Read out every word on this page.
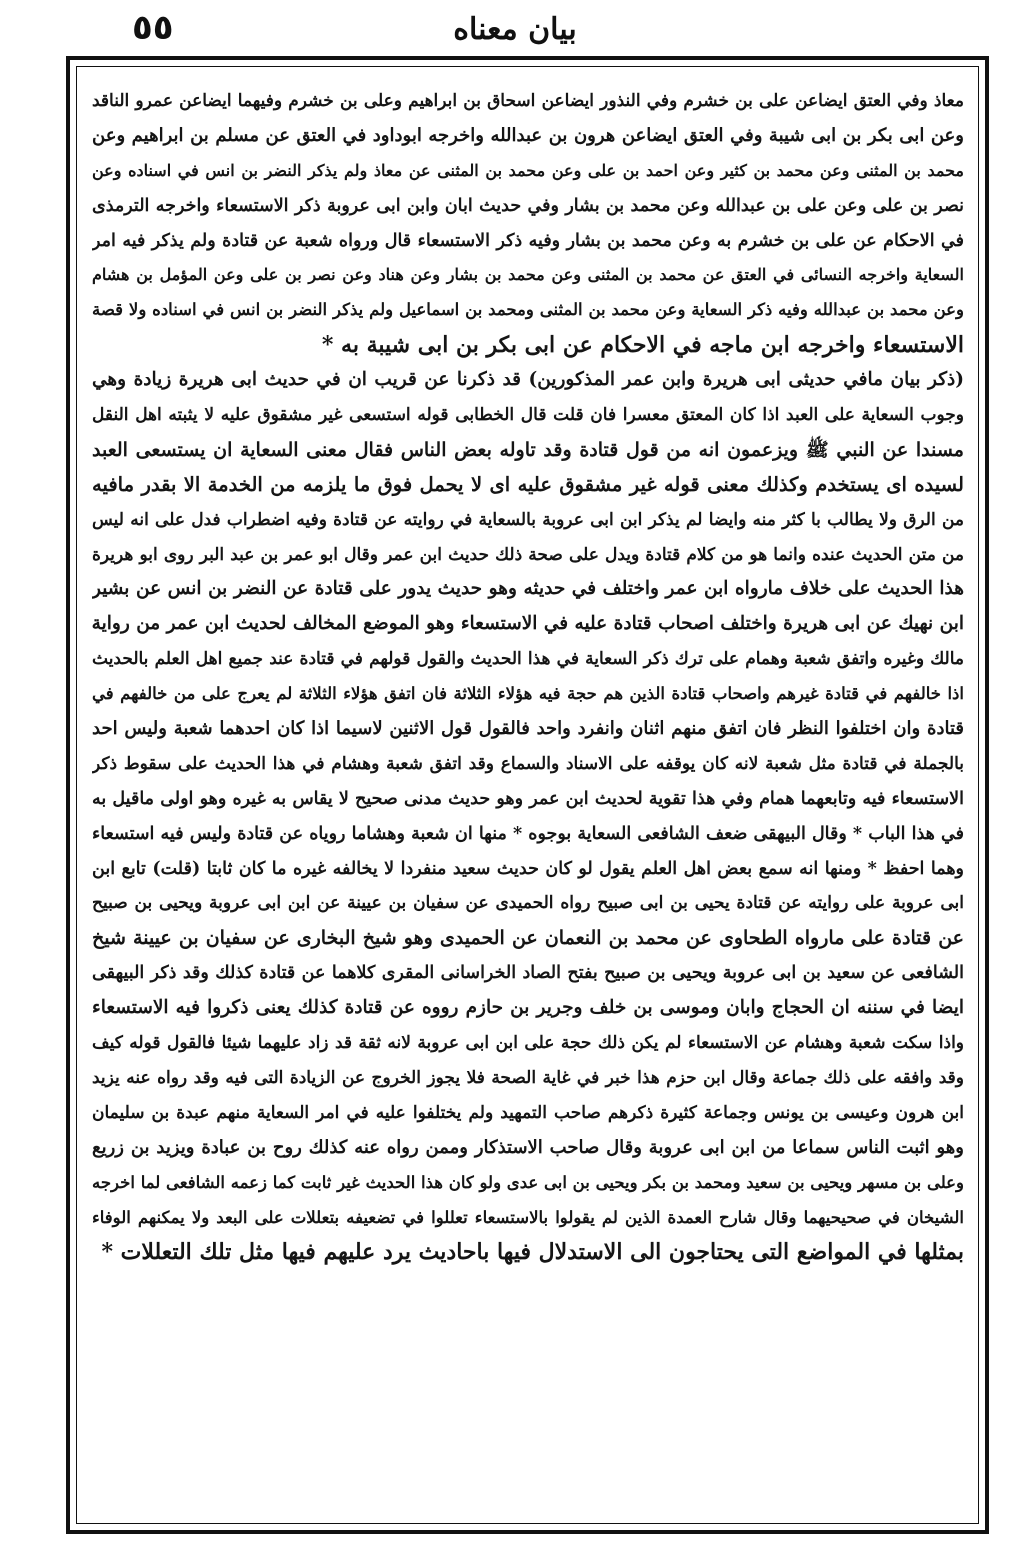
٥٥	بيان معناه
معاذ وفي العتق ايضاعن على بن خشرم وفي النذور ايضاعن اسحاق بن ابراهيم وعلى بن خشرم وفيهما ايضاعن عمرو الناقد
وعن ابى بكر بن ابى شيبة وفي العتق ايضاعن هرون بن عبدالله واخرجه ابوداود في العتق عن مسلم بن ابراهيم وعن
محمد بن المثنى وعن محمد بن كثير وعن احمد بن على وعن محمد بن المثنى عن معاذ ولم يذكر النضر بن انس في اسناده وعن
نصر بن على وعن على بن عبدالله وعن محمد بن بشار وفي حديث ابان وابن ابى عروبة ذكر الاستسعاء واخرجه الترمذى
في الاحكام عن على بن خشرم به وعن محمد بن بشار وفيه ذكر الاستسعاء قال ورواه شعبة عن قتادة ولم يذكر فيه امر
السعاية واخرجه النسائى في العتق عن محمد بن المثنى وعن محمد بن بشار وعن هناد وعن نصر بن على وعن المؤمل بن هشام
وعن محمد بن عبدالله وفيه ذكر السعاية وعن محمد بن المثنى ومحمد بن اسماعيل ولم يذكر النضر بن انس في اسناده ولا قصة
الاستسعاء واخرجه ابن ماجه في الاحكام عن ابى بكر بن ابى شيبة به *
(ذكر بيان مافي حديثى ابى هريرة وابن عمر المذكورين) قد ذكرنا عن قريب ان في حديث ابى هريرة زيادة وهي
وجوب السعاية على العبد اذا كان المعتق معسرا فان قلت قال الخطابى قوله استسعى غير مشقوق عليه لا يثبته اهل النقل
مسندا عن النبي ﷺ ويزعمون انه من قول قتادة وقد تاوله بعض الناس فقال معنى السعاية ان يستسعى العبد
لسيده اى يستخدم وكذلك معنى قوله غير مشقوق عليه اى لا يحمل فوق ما يلزمه من الخدمة الا بقدر مافيه
من الرق ولا يطالب با كثر منه وايضا لم يذكر ابن ابى عروبة بالسعاية في روايته عن قتادة وفيه اضطراب فدل على انه ليس
من متن الحديث عنده وانما هو من كلام قتادة ويدل على صحة ذلك حديث ابن عمر وقال ابو عمر بن عبد البر روى ابو هريرة
هذا الحديث على خلاف مارواه ابن عمر واختلف في حديثه وهو حديث يدور على قتادة عن النضر بن انس عن بشير
ابن نهيك عن ابى هريرة واختلف اصحاب قتادة عليه في الاستسعاء وهو الموضع المخالف لحديث ابن عمر من رواية
مالك وغيره واتفق شعبة وهمام على ترك ذكر السعاية في هذا الحديث والقول قولهم في قتادة عند جميع اهل العلم بالحديث
اذا خالفهم في قتادة غيرهم واصحاب قتادة الذين هم حجة فيه هؤلاء الثلاثة فان اتفق هؤلاء الثلاثة لم يعرج على من خالفهم في
قتادة وان اختلفوا النظر فان اتفق منهم اثنان وانفرد واحد فالقول قول الاثنين لاسيما اذا كان احدهما شعبة وليس احد
بالجملة في قتادة مثل شعبة لانه كان يوقفه على الاسناد والسماع وقد اتفق شعبة وهشام في هذا الحديث على سقوط ذكر
الاستسعاء فيه وتابعهما همام وفي هذا تقوية لحديث ابن عمر وهو حديث مدنى صحيح لا يقاس به غيره وهو اولى ماقيل به
في هذا الباب * وقال البيهقى ضعف الشافعى السعاية بوجوه * منها ان شعبة وهشاما روياه عن قتادة وليس فيه استسعاء
وهما احفظ * ومنها انه سمع بعض اهل العلم يقول لو كان حديث سعيد منفردا لا يخالفه غيره ما كان ثابتا (قلت) تابع ابن
ابى عروبة على روايته عن قتادة يحيى بن ابى صبيح رواه الحميدى عن سفيان بن عيينة عن ابن ابى عروبة ويحيى بن صبيح
عن قتادة على مارواه الطحاوى عن محمد بن النعمان عن الحميدى وهو شيخ البخارى عن سفيان بن عيينة شيخ
الشافعى عن سعيد بن ابى عروبة ويحيى بن صبيح بفتح الصاد الخراسانى المقرى كلاهما عن قتادة كذلك وقد ذكر البيهقى
ايضا في سننه ان الحجاج وابان وموسى بن خلف وجرير بن حازم رووه عن قتادة كذلك يعنى ذكروا فيه الاستسعاء
واذا سكت شعبة وهشام عن الاستسعاء لم يكن ذلك حجة على ابن ابى عروبة لانه ثقة قد زاد عليهما شيئا فالقول قوله كيف
وقد وافقه على ذلك جماعة وقال ابن حزم هذا خبر في غاية الصحة فلا يجوز الخروج عن الزيادة التى فيه وقد رواه عنه يزيد
ابن هرون وعيسى بن يونس وجماعة كثيرة ذكرهم صاحب التمهيد ولم يختلفوا عليه في امر السعاية منهم عبدة بن سليمان
وهو اثبت الناس سماعا من ابن ابى عروبة وقال صاحب الاستذكار وممن رواه عنه كذلك روح بن عبادة ويزيد بن زريع
وعلى بن مسهر ويحيى بن سعيد ومحمد بن بكر ويحيى بن ابى عدى ولو كان هذا الحديث غير ثابت كما زعمه الشافعى لما اخرجه
الشيخان في صحيحيهما وقال شارح العمدة الذين لم يقولوا بالاستسعاء تعللوا في تضعيفه بتعللات على البعد ولا يمكنهم الوفاء
بمثلها في المواضع التى يحتاجون الى الاستدلال فيها باحاديث يرد عليهم فيها مثل تلك التعللات *
